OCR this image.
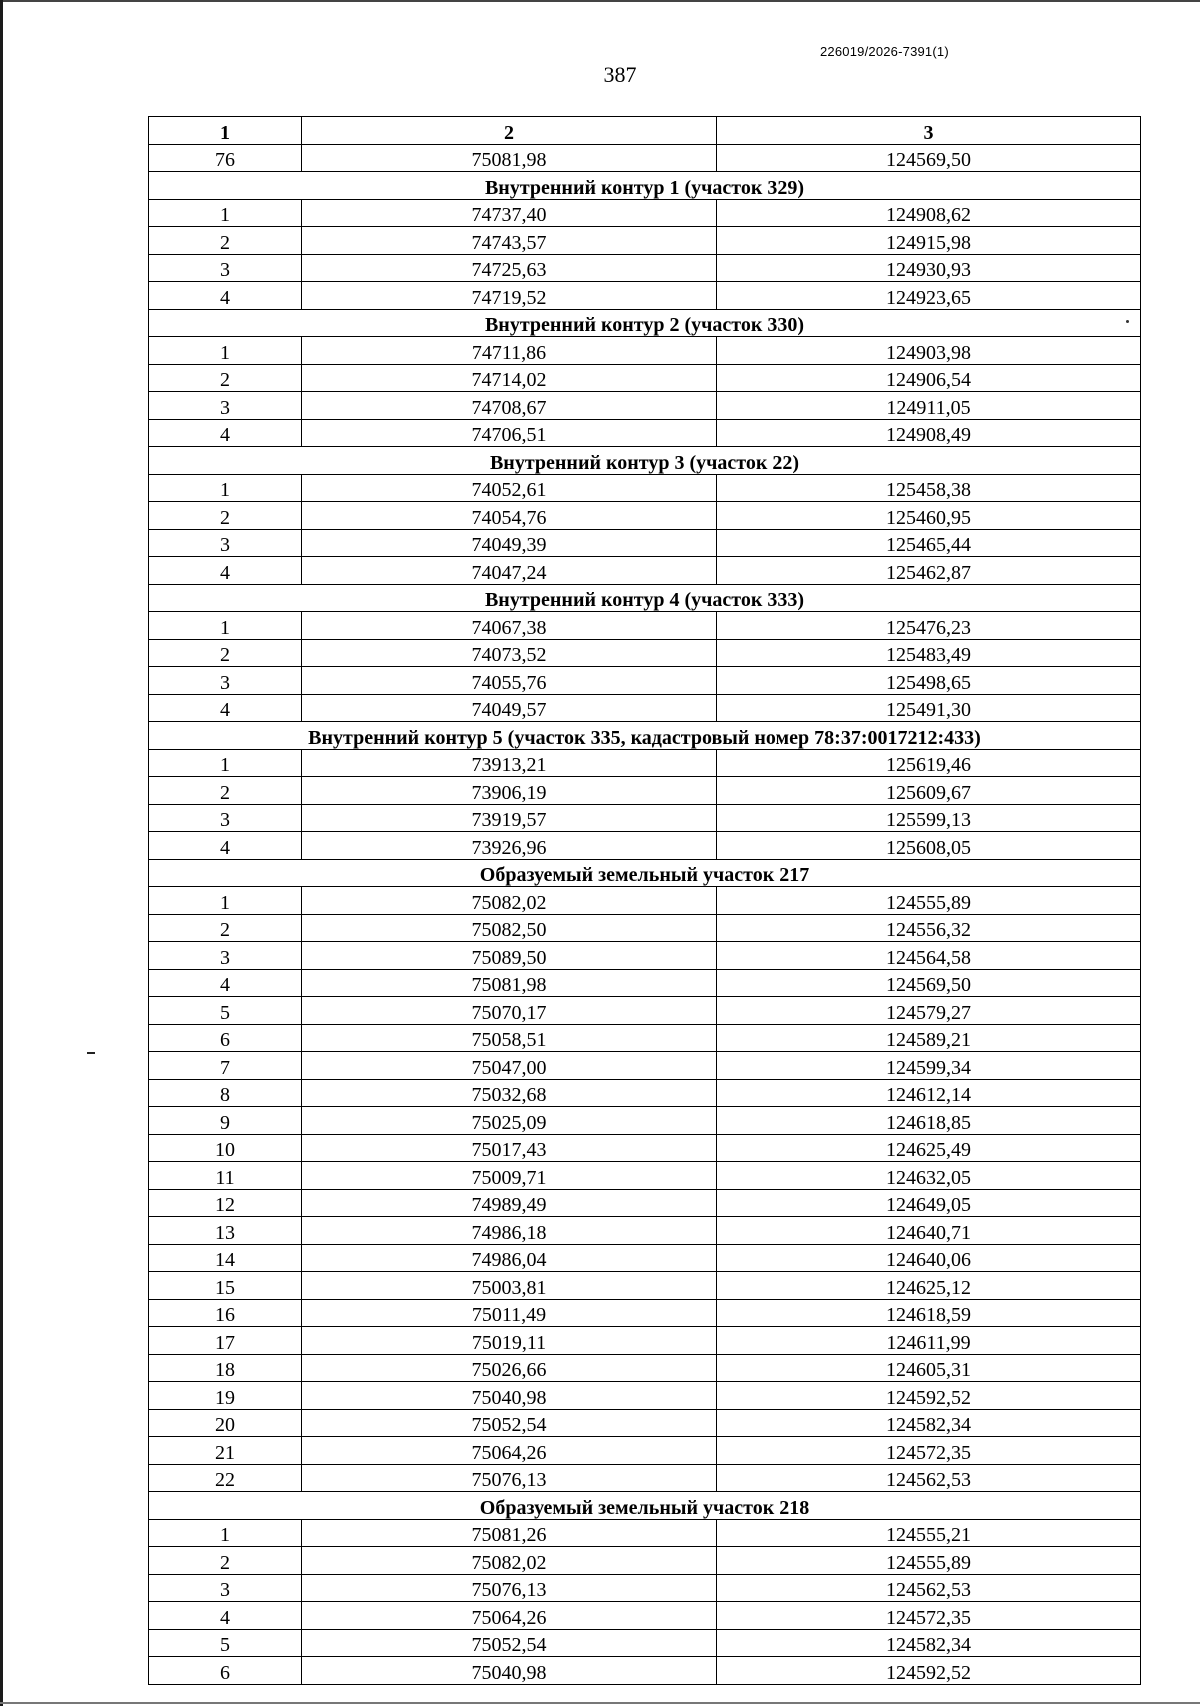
226019/2026-7391(1)
387
1	2	3
76	75081,98	124569,50
Внутренний контур 1 (участок 329)		
1	74737,40	124908,62
2	74743,57	124915,98
3	74725,63	124930,93
4	74719,52	124923,65
Внутренний контур 2 (участок 330)		
1	74711,86	124903,98
2	74714,02	124906,54
3	74708,67	124911,05
4	74706,51	124908,49
Внутренний контур 3 (участок 22)		
1	74052,61	125458,38
2	74054,76	125460,95
3	74049,39	125465,44
4	74047,24	125462,87
Внутренний контур 4 (участок 333)		
1	74067,38	125476,23
2	74073,52	125483,49
3	74055,76	125498,65
4	74049,57	125491,30
Внутренний контур 5 (участок 335, кадастровый номер 78:37:0017212:433)		
1	73913,21	125619,46
2	73906,19	125609,67
3	73919,57	125599,13
4	73926,96	125608,05
Образуемый земельный участок 217		
1	75082,02	124555,89
2	75082,50	124556,32
3	75089,50	124564,58
4	75081,98	124569,50
5	75070,17	124579,27
6	75058,51	124589,21
7	75047,00	124599,34
8	75032,68	124612,14
9	75025,09	124618,85
10	75017,43	124625,49
11	75009,71	124632,05
12	74989,49	124649,05
13	74986,18	124640,71
14	74986,04	124640,06
15	75003,81	124625,12
16	75011,49	124618,59
17	75019,11	124611,99
18	75026,66	124605,31
19	75040,98	124592,52
20	75052,54	124582,34
21	75064,26	124572,35
22	75076,13	124562,53
Образуемый земельный участок 218		
1	75081,26	124555,21
2	75082,02	124555,89
3	75076,13	124562,53
4	75064,26	124572,35
5	75052,54	124582,34
6	75040,98	124592,52
